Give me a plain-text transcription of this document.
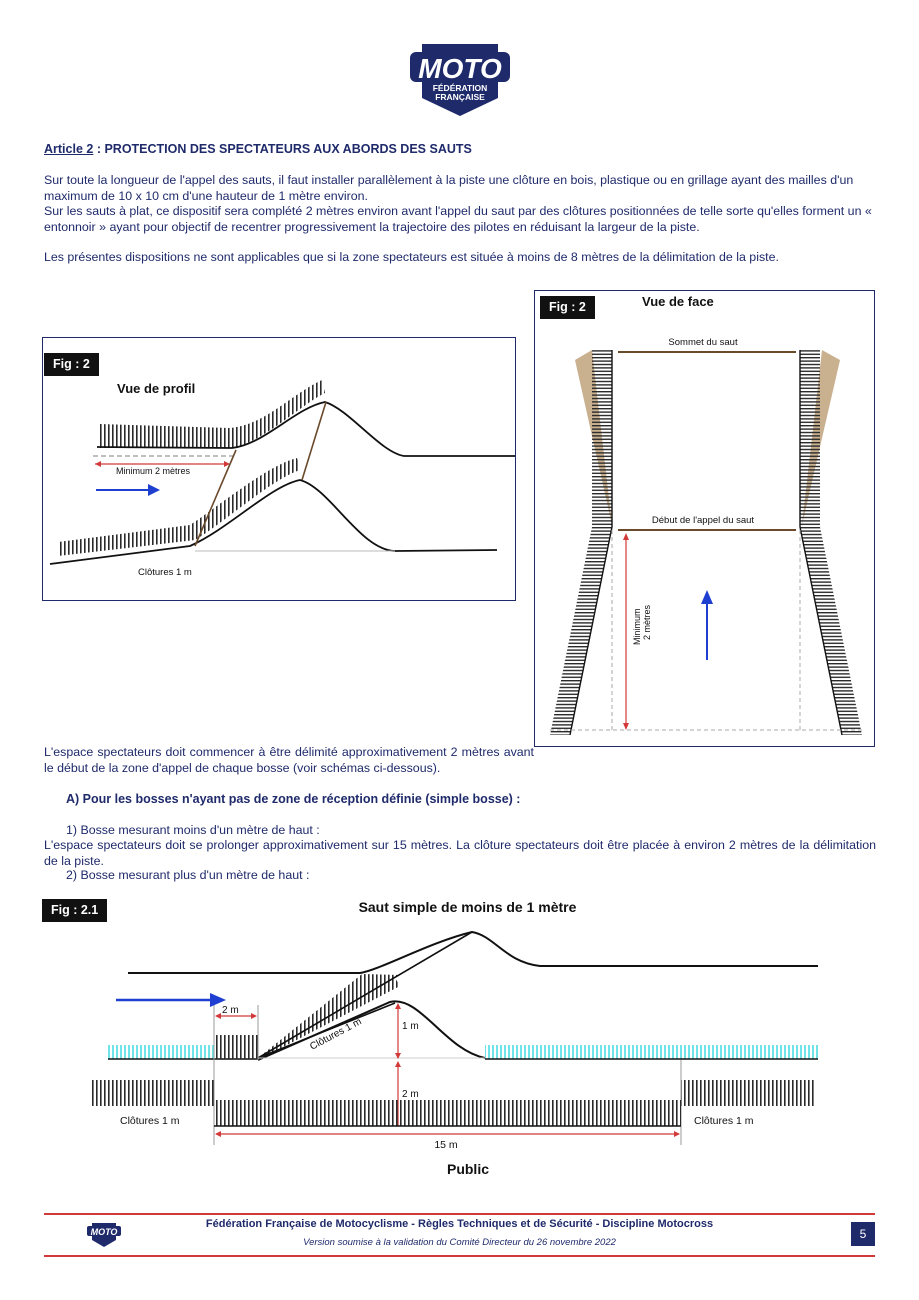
MOTO
FÉDÉRATION
FRANÇAISE
Article 2 : PROTECTION DES SPECTATEURS AUX ABORDS DES SAUTS

Sur toute la longueur de l'appel des sauts, il faut installer parallèlement à la piste une clôture en bois, plastique ou en grillage ayant des mailles d'un maximum de 10 x 10 cm d'une hauteur de 1 mètre environ.

Sur les sauts à plat, ce dispositif sera complété 2 mètres environ avant l'appel du saut par des clôtures positionnées de telle sorte qu'elles forment un « entonnoir » ayant pour objectif de recentrer progressivement la trajectoire des pilotes en réduisant la largeur de la piste.

Les présentes dispositions ne sont applicables que si la zone spectateurs est située à moins de 8 mètres de la délimitation de la piste.

Fig : 2
Vue de profil
Minimum 2 mètres
Clôtures 1 m
Fig : 2	Vue de face
Sommet du saut
Début de l'appel du saut
Minimum 2 mètres

L'espace spectateurs doit commencer à être délimité approximativement 2 mètres avant le début de la zone d'appel de chaque bosse (voir schémas ci-dessous).

A) Pour les bosses n'ayant pas de zone de réception définie (simple bosse) :

1) Bosse mesurant moins d'un mètre de haut :

L'espace spectateurs doit se prolonger approximativement sur 15 mètres. La clôture spectateurs doit être placée à environ 2 mètres de la délimitation de la piste.

2) Bosse mesurant plus d'un mètre de haut :

Fig : 2.1	Saut simple de moins de 1 mètre
2 m
Clôtures 1 m	1 m
2 m
Clôtures 1 m	Clôtures 1 m
15 m
Public
MOTO
Fédération Française de Motocyclisme - Règles Techniques et de Sécurité - Discipline Motocross
Version soumise à la validation du Comité Directeur du 26 novembre 2022
5
